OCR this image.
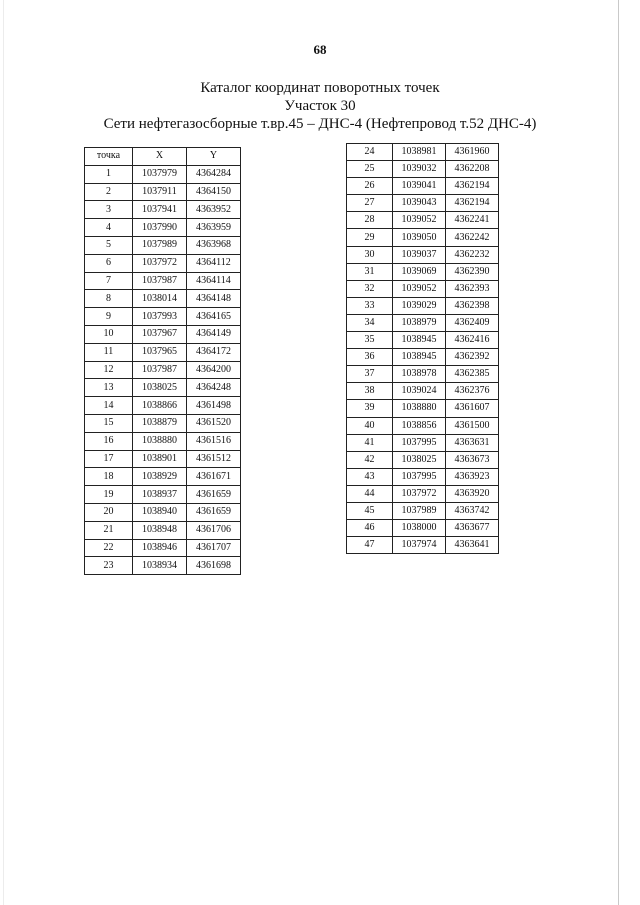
68
Каталог координат поворотных точек
Участок 30
Сети нефтегазосборные т.вр.45 – ДНС-4 (Нефтепровод т.52 ДНС-4)
точка	X	Y
1	1037979	4364284
2	1037911	4364150
3	1037941	4363952
4	1037990	4363959
5	1037989	4363968
6	1037972	4364112
7	1037987	4364114
8	1038014	4364148
9	1037993	4364165
10	1037967	4364149
11	1037965	4364172
12	1037987	4364200
13	1038025	4364248
14	1038866	4361498
15	1038879	4361520
16	1038880	4361516
17	1038901	4361512
18	1038929	4361671
19	1038937	4361659
20	1038940	4361659
21	1038948	4361706
22	1038946	4361707
23	1038934	4361698
24	1038981	4361960
25	1039032	4362208
26	1039041	4362194
27	1039043	4362194
28	1039052	4362241
29	1039050	4362242
30	1039037	4362232
31	1039069	4362390
32	1039052	4362393
33	1039029	4362398
34	1038979	4362409
35	1038945	4362416
36	1038945	4362392
37	1038978	4362385
38	1039024	4362376
39	1038880	4361607
40	1038856	4361500
41	1037995	4363631
42	1038025	4363673
43	1037995	4363923
44	1037972	4363920
45	1037989	4363742
46	1038000	4363677
47	1037974	4363641
